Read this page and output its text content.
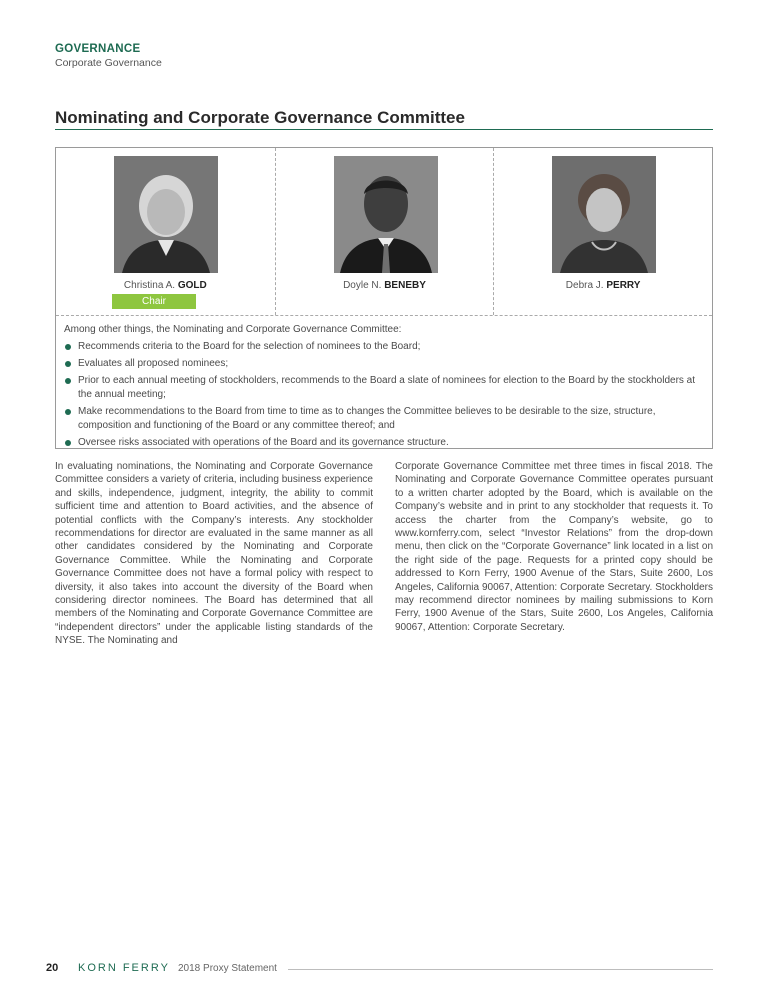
GOVERNANCE
Corporate Governance
Nominating and Corporate Governance Committee
Christina A. GOLD
Chair
Doyle N. BENEBY	Debra J. PERRY

Among other things, the Nominating and Corporate Governance Committee:

Recommends criteria to the Board for the selection of nominees to the Board;
Evaluates all proposed nominees;
Prior to each annual meeting of stockholders, recommends to the Board a slate of nominees for election to the Board by the stockholders at the annual meeting;
Make recommendations to the Board from time to time as to changes the Committee believes to be desirable to the size, structure, composition and functioning of the Board or any committee thereof; and
Oversee risks associated with operations of the Board and its governance structure.

In evaluating nominations, the Nominating and Corporate Governance Committee considers a variety of criteria, including business experience and skills, independence, judgment, integrity, the ability to commit sufficient time and attention to Board activities, and the absence of potential conflicts with the Company’s interests. Any stockholder recommendations for director are evaluated in the same manner as all other candidates considered by the Nominating and Corporate Governance Committee. While the Nominating and Corporate Governance Committee does not have a formal policy with respect to diversity, it also takes into account the diversity of the Board when considering director nominees. The Board has determined that all members of the Nominating and Corporate Governance Committee are “independent directors” under the applicable listing standards of the NYSE. The Nominating and

Corporate Governance Committee met three times in fiscal 2018. The Nominating and Corporate Governance Committee operates pursuant to a written charter adopted by the Board, which is available on the Company’s website and in print to any stockholder that requests it. To access the charter from the Company’s website, go to www.kornferry.com, select “Investor Relations” from the drop-down menu, then click on the “Corporate Governance” link located in a list on the right side of the page. Requests for a printed copy should be addressed to Korn Ferry, 1900 Avenue of the Stars, Suite 2600, Los Angeles, California 90067, Attention: Corporate Secretary. Stockholders may recommend director nominees by mailing submissions to Korn Ferry, 1900 Avenue of the Stars, Suite 2600, Los Angeles, California 90067, Attention: Corporate Secretary.

20 KORN FERRY 2018 Proxy Statement
